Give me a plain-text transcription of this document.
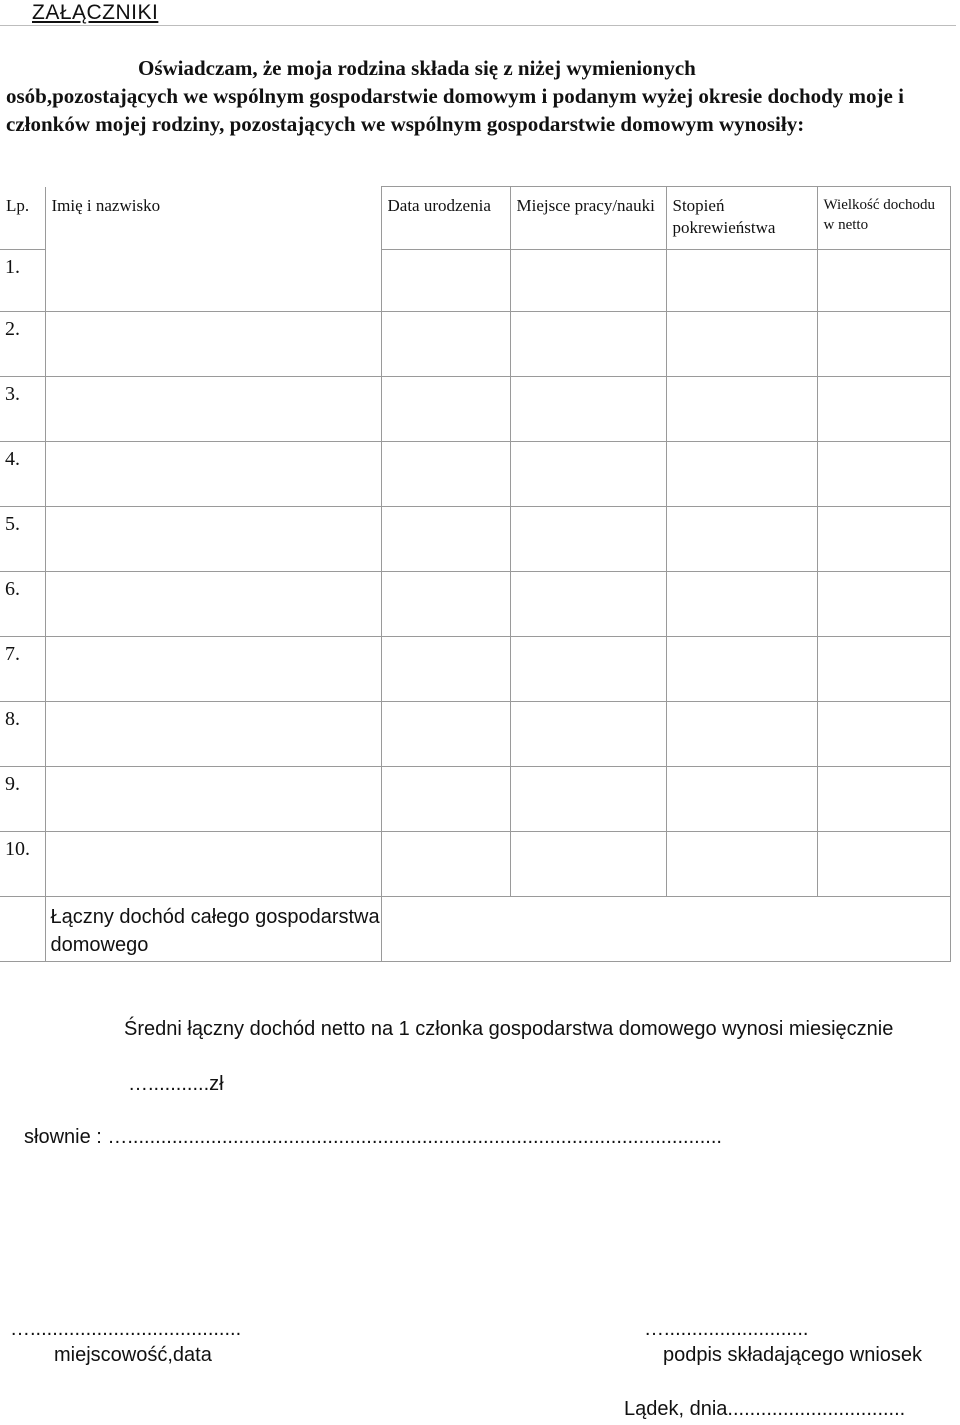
ZAŁĄCZNIKI
Oświadczam, że moja rodzina składa się z niżej wymienionych
osób,pozostających we wspólnym gospodarstwie domowym i podanym wyżej okresie dochody moje i członków mojej rodziny, pozostających we wspólnym gospodarstwie domowym wynosiły:
Lp.	Imię i nazwisko	Data urodzenia	Miejsce pracy/nauki	Stopień pokrewieństwa	Wielkość dochodu w netto
1.					
2.					
3.					
4.					
5.					
6.					
7.					
8.					
9.					
10.					
	Łączny dochód całego gospodarstwa domowego				
Średni łączny dochód netto na 1 członka gospodarstwa domowego wynosi miesięcznie
…...........zł
słownie : …...........................................................................................................
…......................................	…..........................
miejscowość,data	podpis składającego wniosek
Lądek, dnia................................
